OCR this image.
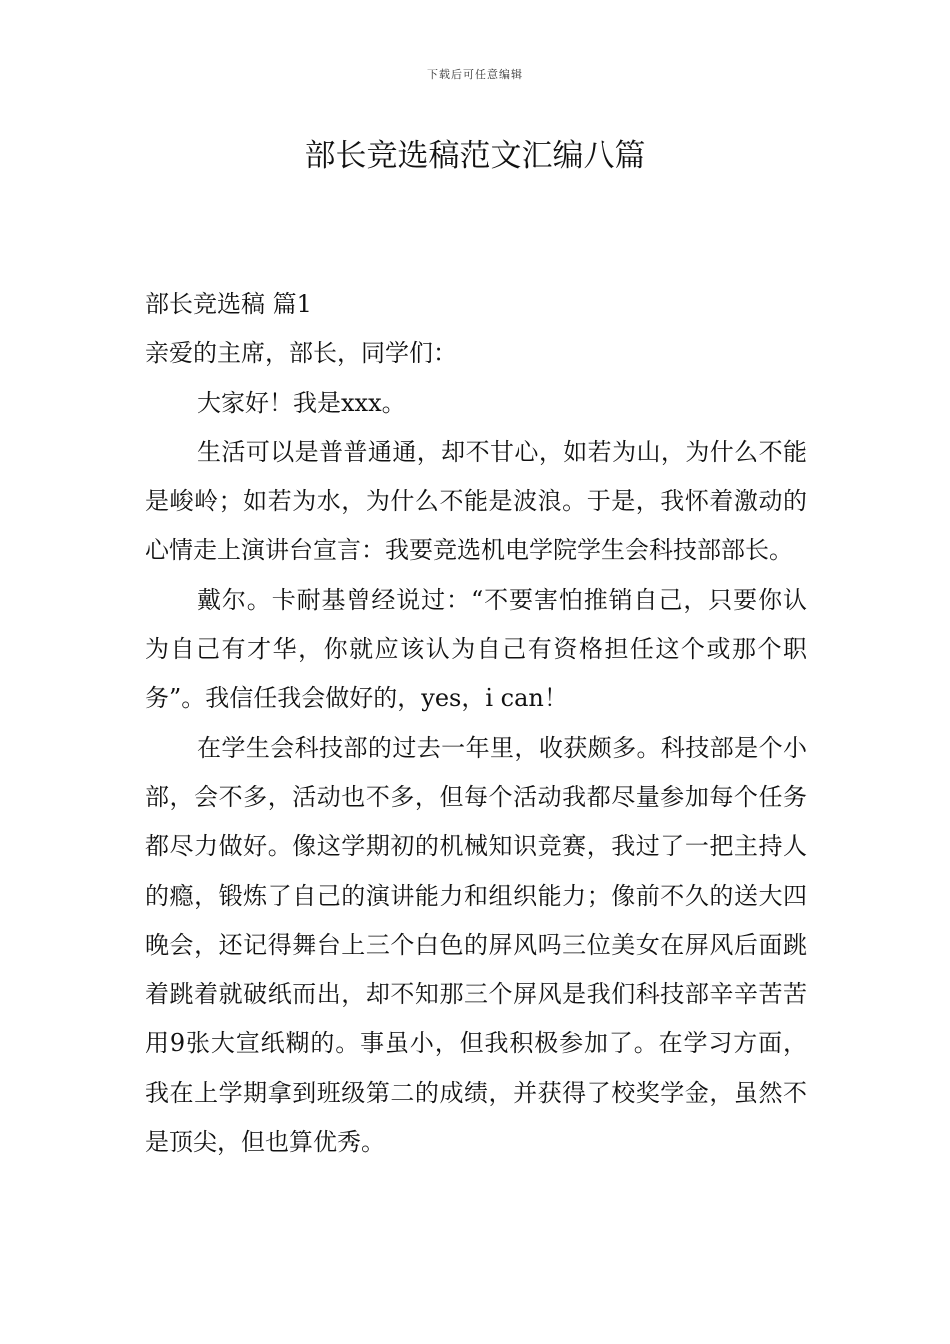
下载后可任意编辑
部长竞选稿范文汇编八篇

部长竞选稿 篇1

亲爱的主席，部长，同学们：

大家好！我是xxx。

生活可以是普普通通，却不甘心，如若为山，为什么不能是峻岭；如若为水，为什么不能是波浪。于是，我怀着激动的心情走上演讲台宣言：我要竞选机电学院学生会科技部部长。

戴尔。卡耐基曾经说过：“不要害怕推销自己，只要你认为自己有才华，你就应该认为自己有资格担任这个或那个职务”。我信任我会做好的，yes，i can！

在学生会科技部的过去一年里，收获颇多。科技部是个小部，会不多，活动也不多，但每个活动我都尽量参加每个任务都尽力做好。像这学期初的机械知识竞赛，我过了一把主持人的瘾，锻炼了自己的演讲能力和组织能力；像前不久的送大四晚会，还记得舞台上三个白色的屏风吗三位美女在屏风后面跳着跳着就破纸而出，却不知那三个屏风是我们科技部辛辛苦苦用9张大宣纸糊的。事虽小，但我积极参加了。在学习方面，我在上学期拿到班级第二的成绩，并获得了校奖学金，虽然不是顶尖，但也算优秀。
